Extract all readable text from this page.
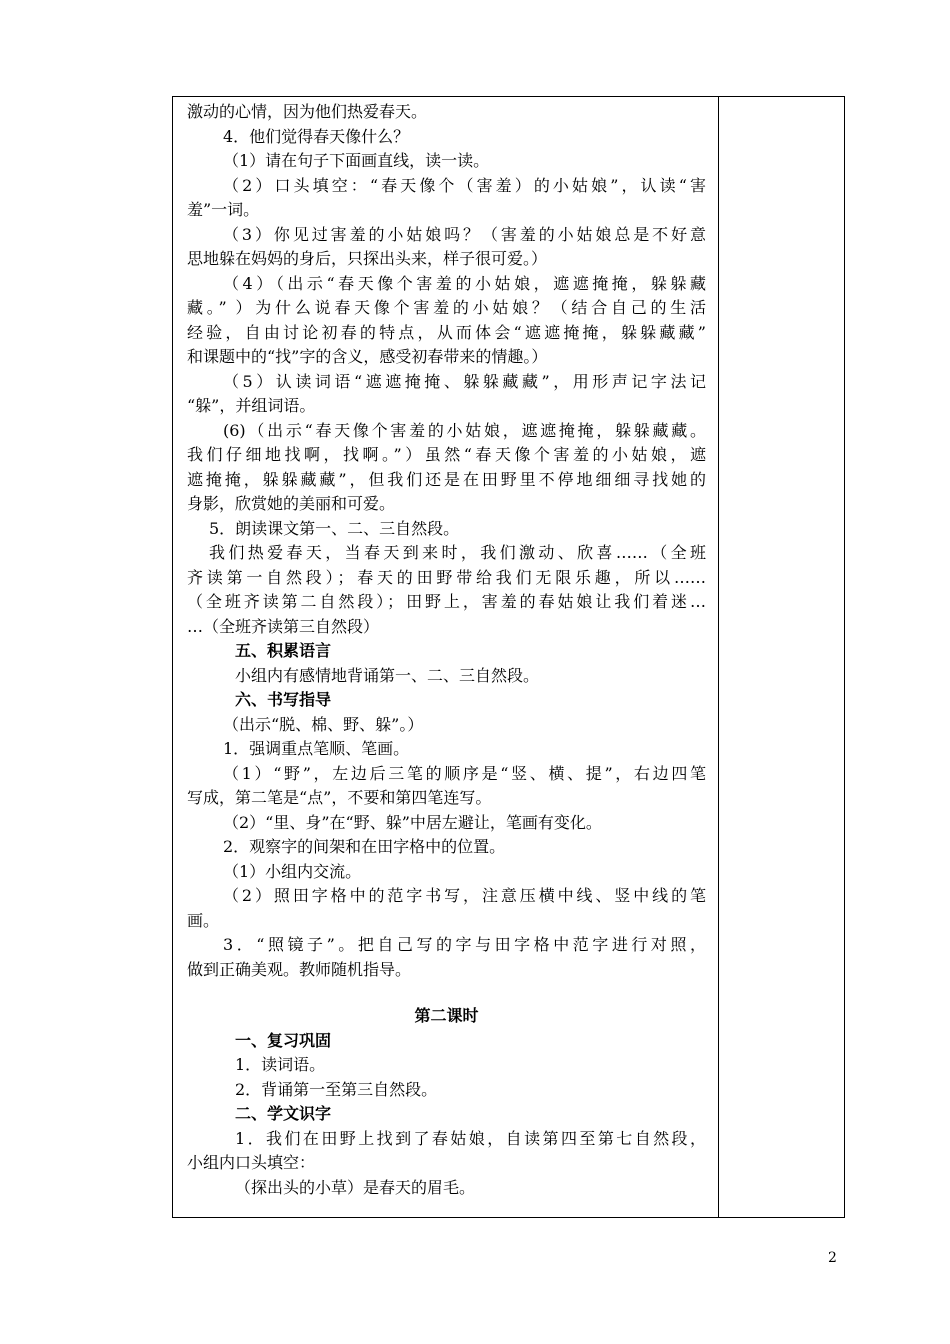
激动的心情，因为他们热爱春天。
4．他们觉得春天像什么？
（1）请在句子下面画直线，读一读。
（2）口头填空：“春天像个（害羞）的小姑娘”，认读“害
羞”一词。
（3）你见过害羞的小姑娘吗？（害羞的小姑娘总是不好意
思地躲在妈妈的身后，只探出头来，样子很可爱。）
（4）（出示“春天像个害羞的小姑娘，遮遮掩掩，躲躲藏
藏。” ）为什么说春天像个害羞的小姑娘？（结合自己的生活
经验，自由讨论初春的特点，从而体会“遮遮掩掩，躲躲藏藏”
和课题中的“找”字的含义，感受初春带来的情趣。）
（5）认读词语“遮遮掩掩、躲躲藏藏”，用形声记字法记
“躲”，并组词语。
(6)（出示“春天像个害羞的小姑娘，遮遮掩掩，躲躲藏藏。
我们仔细地找啊，找啊。”）虽然“春天像个害羞的小姑娘，遮
遮掩掩，躲躲藏藏”，但我们还是在田野里不停地细细寻找她的
身影，欣赏她的美丽和可爱。
5．朗读课文第一、二、三自然段。
我们热爱春天，当春天到来时，我们激动、欣喜……（全班
齐读第一自然段）；春天的田野带给我们无限乐趣，所以……
（全班齐读第二自然段）；田野上，害羞的春姑娘让我们着迷…
…（全班齐读第三自然段）
五、积累语言
小组内有感情地背诵第一、二、三自然段。
六、书写指导
（出示“脱、棉、野、躲”。）
1．强调重点笔顺、笔画。
（1）“野”，左边后三笔的顺序是“竖、横、提”，右边四笔
写成，第二笔是“点”，不要和第四笔连写。
（2）“里、身”在“野、躲”中居左避让，笔画有变化。
2．观察字的间架和在田字格中的位置。
（1）小组内交流。
（2）照田字格中的范字书写，注意压横中线、竖中线的笔
画。
3．“照镜子”。把自己写的字与田字格中范字进行对照，
做到正确美观。教师随机指导。
第二课时
一、复习巩固
1．读词语。
2．背诵第一至第三自然段。
二、学文识字
1．我们在田野上找到了春姑娘，自读第四至第七自然段，
小组内口头填空：
（探出头的小草）是春天的眉毛。
2
